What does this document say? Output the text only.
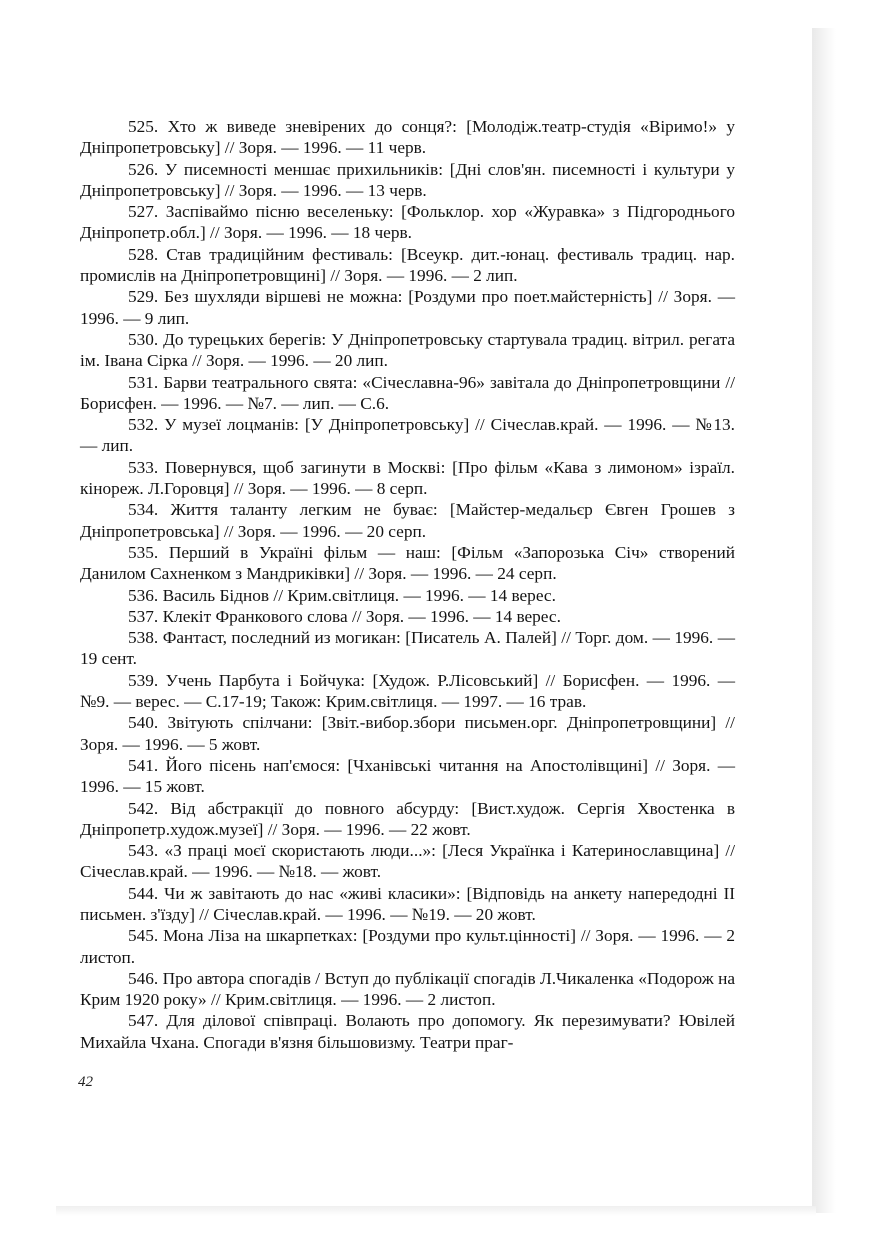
525. Хто ж виведе зневірених до сонця?: [Молодіж.театр-студія «Віримо!» у Дніпропетровську] // Зоря. — 1996. — 11 черв.

526. У писемності меншає прихильників: [Дні слов'ян. писемності і культури у Дніпропетровську] // Зоря. — 1996. — 13 черв.

527. Заспіваймо пісню веселеньку: [Фольклор. хор «Журавка» з Підгороднього Дніпропетр.обл.] // Зоря. — 1996. — 18 черв.

528. Став традиційним фестиваль: [Всеукр. дит.-юнац. фестиваль традиц. нар. промислів на Дніпропетровщині] // Зоря. — 1996. — 2 лип.

529. Без шухляди віршеві не можна: [Роздуми про поет.майстерність] // Зоря. — 1996. — 9 лип.

530. До турецьких берегів: У Дніпропетровську стартувала традиц. вітрил. регата ім. Івана Сірка // Зоря. — 1996. — 20 лип.

531. Барви театрального свята: «Січеславна-96» завітала до Дніпропетровщини // Борисфен. — 1996. — №7. — лип. — С.6.

532. У музеї лоцманів: [У Дніпропетровську] // Січеслав.край. — 1996. — №13. — лип.

533. Повернувся, щоб загинути в Москві: [Про фільм «Кава з лимоном» ізраїл. кінореж. Л.Горовця] // Зоря. — 1996. — 8 серп.

534. Життя таланту легким не буває: [Майстер-медальєр Євген Грошев з Дніпропетровська] // Зоря. — 1996. — 20 серп.

535. Перший в Україні фільм — наш: [Фільм «Запорозька Січ» створений Данилом Сахненком з Мандриківки] // Зоря. — 1996. — 24 серп.

536. Василь Біднов // Крим.світлиця. — 1996. — 14 верес.

537. Клекіт Франкового слова // Зоря. — 1996. — 14 верес.

538. Фантаст, последний из могикан: [Писатель А. Палей] // Торг. дом. — 1996. — 19 сент.

539. Учень Парбута і Бойчука: [Худож. Р.Лісовський] // Борисфен. — 1996. — №9. — верес. — С.17-19; Також: Крим.світлиця. — 1997. — 16 трав.

540. Звітують спілчани: [Звіт.-вибор.збори письмен.орг. Дніпропетровщини] // Зоря. — 1996. — 5 жовт.

541. Його пісень нап'ємося: [Чханівські читання на Апостолівщині] // Зоря. — 1996. — 15 жовт.

542. Від абстракції до повного абсурду: [Вист.худож. Сергія Хвостенка в Дніпропетр.худож.музеї] // Зоря. — 1996. — 22 жовт.

543. «З праці моєї скористають люди...»: [Леся Українка і Катеринославщина] // Січеслав.край. — 1996. — №18. — жовт.

544. Чи ж завітають до нас «живі класики»: [Відповідь на анкету напередодні ІІ письмен. з'їзду] // Січеслав.край. — 1996. — №19. — 20 жовт.

545. Мона Ліза на шкарпетках: [Роздуми про культ.цінності] // Зоря. — 1996. — 2 листоп.

546. Про автора спогадів / Вступ до публікації спогадів Л.Чикаленка «Подорож на Крим 1920 року» // Крим.світлиця. — 1996. — 2 листоп.

547. Для ділової співпраці. Волають про допомогу. Як перезимувати? Ювілей Михайла Чхана. Спогади в'язня більшовизму. Театри праг-

42
